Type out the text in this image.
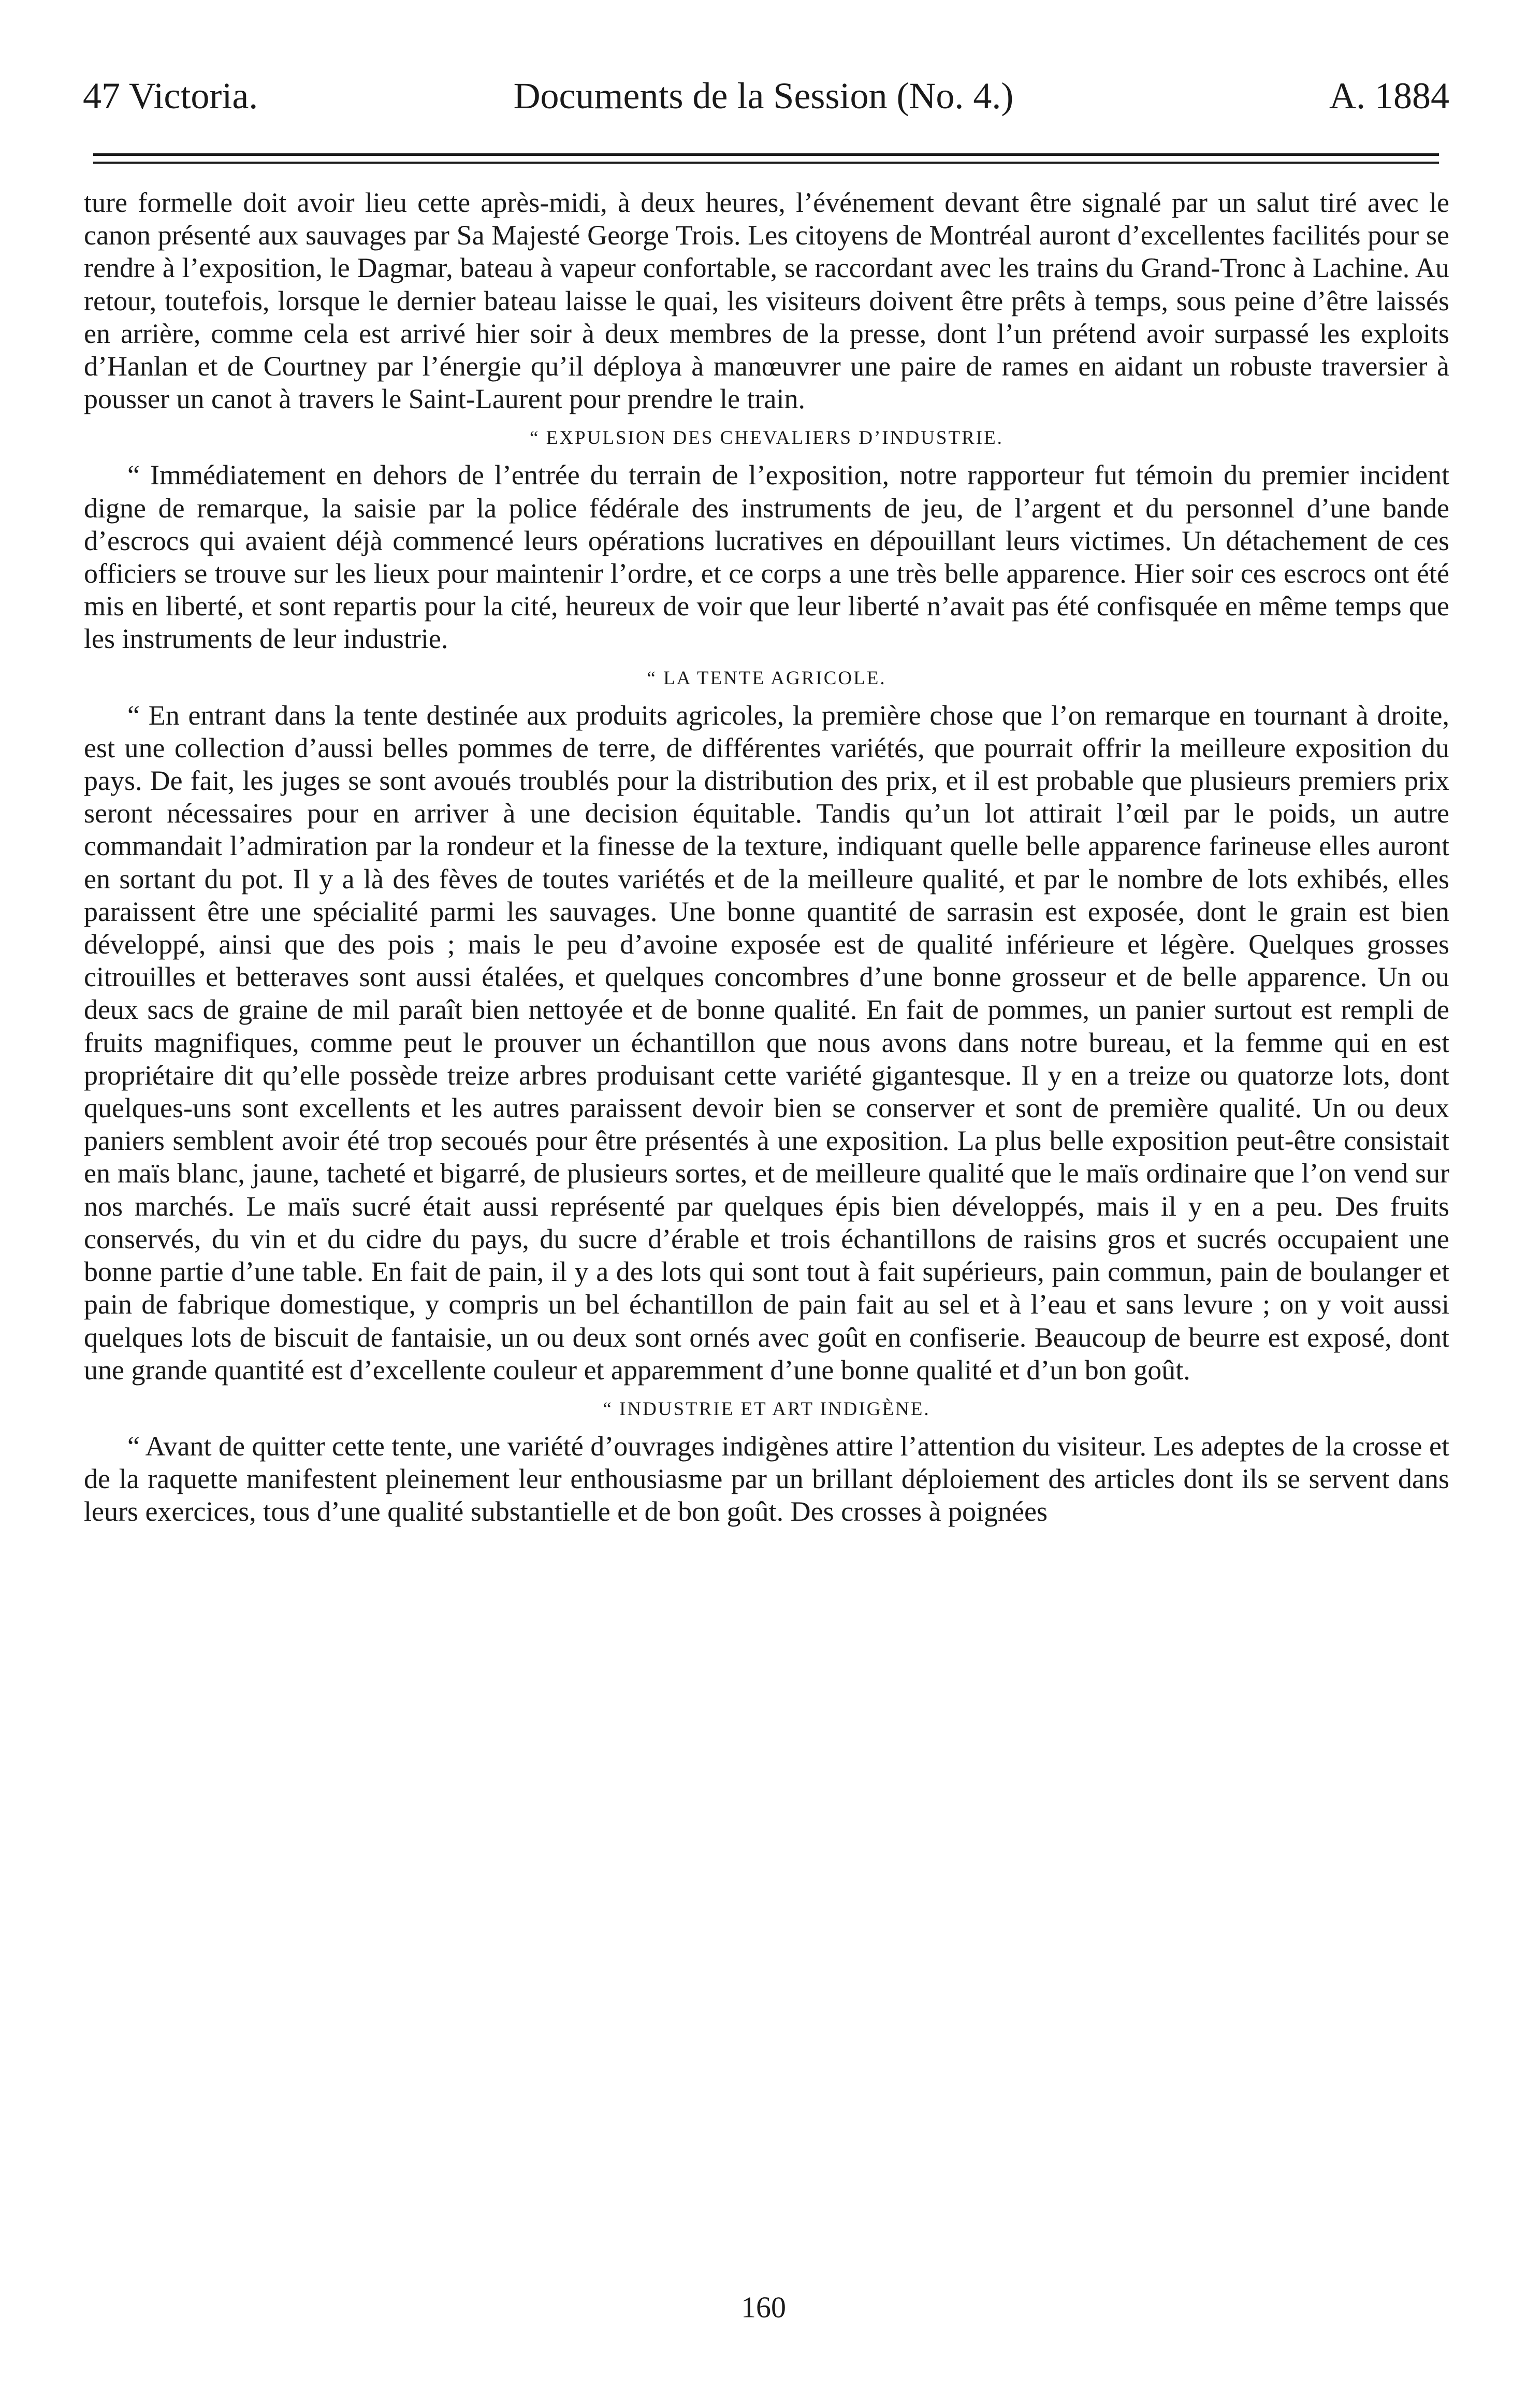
47 Victoria.	Documents de la Session (No. 4.)	A. 1884

ture formelle doit avoir lieu cette après-midi, à deux heures, l’événement devant être signalé par un salut tiré avec le canon présenté aux sauvages par Sa Majesté George Trois. Les citoyens de Montréal auront d’excellentes facilités pour se rendre à l’exposition, le Dagmar, bateau à vapeur confortable, se raccordant avec les trains du Grand-Tronc à Lachine. Au retour, toutefois, lorsque le dernier bateau laisse le quai, les visiteurs doivent être prêts à temps, sous peine d’être laissés en arrière, comme cela est arrivé hier soir à deux membres de la presse, dont l’un prétend avoir surpassé les exploits d’Hanlan et de Courtney par l’énergie qu’il déploya à manœuvrer une paire de rames en aidant un robuste traversier à pousser un canot à travers le Saint-Laurent pour prendre le train.

“ EXPULSION DES CHEVALIERS D’INDUSTRIE.

“ Immédiatement en dehors de l’entrée du terrain de l’exposition, notre rapporteur fut témoin du premier incident digne de remarque, la saisie par la police fédérale des instruments de jeu, de l’argent et du personnel d’une bande d’escrocs qui avaient déjà commencé leurs opérations lucratives en dépouillant leurs victimes. Un détachement de ces officiers se trouve sur les lieux pour maintenir l’ordre, et ce corps a une très belle apparence. Hier soir ces escrocs ont été mis en liberté, et sont repartis pour la cité, heureux de voir que leur liberté n’avait pas été confisquée en même temps que les instruments de leur industrie.

“ LA TENTE AGRICOLE.

“ En entrant dans la tente destinée aux produits agricoles, la première chose que l’on remarque en tournant à droite, est une collection d’aussi belles pommes de terre, de différentes variétés, que pourrait offrir la meilleure exposition du pays. De fait, les juges se sont avoués troublés pour la distribution des prix, et il est probable que plusieurs premiers prix seront nécessaires pour en arriver à une decision équitable. Tandis qu’un lot attirait l’œil par le poids, un autre commandait l’admiration par la rondeur et la finesse de la texture, indiquant quelle belle apparence farineuse elles auront en sortant du pot. Il y a là des fèves de toutes variétés et de la meilleure qualité, et par le nombre de lots exhibés, elles paraissent être une spécialité parmi les sauvages. Une bonne quantité de sarrasin est exposée, dont le grain est bien développé, ainsi que des pois ; mais le peu d’avoine exposée est de qualité inférieure et légère. Quelques grosses citrouilles et betteraves sont aussi étalées, et quelques concombres d’une bonne grosseur et de belle apparence. Un ou deux sacs de graine de mil paraît bien nettoyée et de bonne qualité. En fait de pommes, un panier surtout est rempli de fruits magnifiques, comme peut le prouver un échantillon que nous avons dans notre bureau, et la femme qui en est propriétaire dit qu’elle possède treize arbres produisant cette variété gigantesque. Il y en a treize ou quatorze lots, dont quelques-uns sont excellents et les autres paraissent devoir bien se conserver et sont de première qualité. Un ou deux paniers semblent avoir été trop secoués pour être présentés à une exposition. La plus belle exposition peut-être consistait en maïs blanc, jaune, tacheté et bigarré, de plusieurs sortes, et de meilleure qualité que le maïs ordinaire que l’on vend sur nos marchés. Le maïs sucré était aussi représenté par quelques épis bien développés, mais il y en a peu. Des fruits conservés, du vin et du cidre du pays, du sucre d’érable et trois échantillons de raisins gros et sucrés occupaient une bonne partie d’une table. En fait de pain, il y a des lots qui sont tout à fait supérieurs, pain commun, pain de boulanger et pain de fabrique domestique, y compris un bel échantillon de pain fait au sel et à l’eau et sans levure ; on y voit aussi quelques lots de biscuit de fantaisie, un ou deux sont ornés avec goût en confiserie. Beaucoup de beurre est exposé, dont une grande quantité est d’excellente couleur et apparemment d’une bonne qualité et d’un bon goût.

“ INDUSTRIE ET ART INDIGÈNE.

“ Avant de quitter cette tente, une variété d’ouvrages indigènes attire l’attention du visiteur. Les adeptes de la crosse et de la raquette manifestent pleinement leur enthousiasme par un brillant déploiement des articles dont ils se servent dans leurs exercices, tous d’une qualité substantielle et de bon goût. Des crosses à poignées

160
